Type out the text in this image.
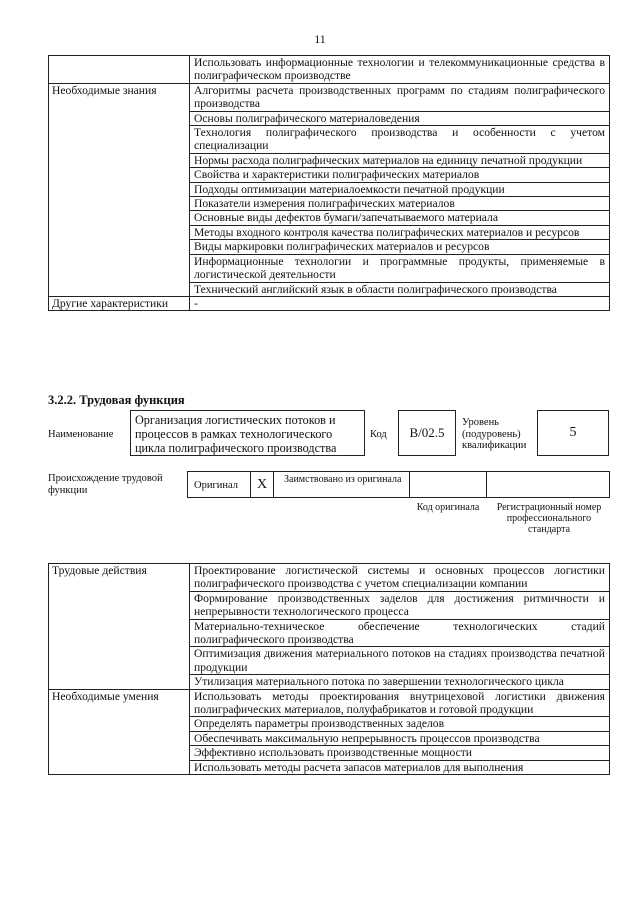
11
	Использовать информационные технологии и телекоммуникационные средства в полиграфическом производстве
Необходимые знания	Алгоритмы расчета производственных программ по стадиям полиграфического производства
	Основы полиграфического материаловедения
	Технология полиграфического производства и особенности с учетом специализации
	Нормы расхода полиграфических материалов на единицу печатной продукции
	Свойства и характеристики полиграфических материалов
	Подходы оптимизации материалоемкости печатной продукции
	Показатели измерения полиграфических материалов
	Основные виды дефектов бумаги/запечатываемого материала
	Методы входного контроля качества полиграфических материалов и ресурсов
	Виды маркировки полиграфических материалов и ресурсов
	Информационные технологии и программные продукты, применяемые в логистической деятельности
	Технический английский язык в области полиграфического производства
Другие характеристики	-
3.2.2. Трудовая функция
Наименование
Организация логистических потоков и процессов в рамках технологического цикла полиграфического производства
Код	B/02.5
Уровень (подуровень) квалификации
5
Происхождение трудовой функции	Оригинал	X	Заимствовано из оригинала
Код оригинала	Регистрационный номер профессионального стандарта
Трудовые действия	Проектирование логистической системы и основных процессов логистики полиграфического производства с учетом специализации компании
	Формирование производственных заделов для достижения ритмичности и непрерывности технологического процесса
	Материально-техническое обеспечение технологических стадий полиграфического производства
	Оптимизация движения материального потоков на стадиях производства печатной продукции
	Утилизация материального потока по завершении технологического цикла
Необходимые умения	Использовать методы проектирования внутрицеховой логистики движения полиграфических материалов, полуфабрикатов и готовой продукции
	Определять параметры производственных заделов
	Обеспечивать максимальную непрерывность процессов производства
	Эффективно использовать производственные мощности
	Использовать методы расчета запасов материалов для выполнения
